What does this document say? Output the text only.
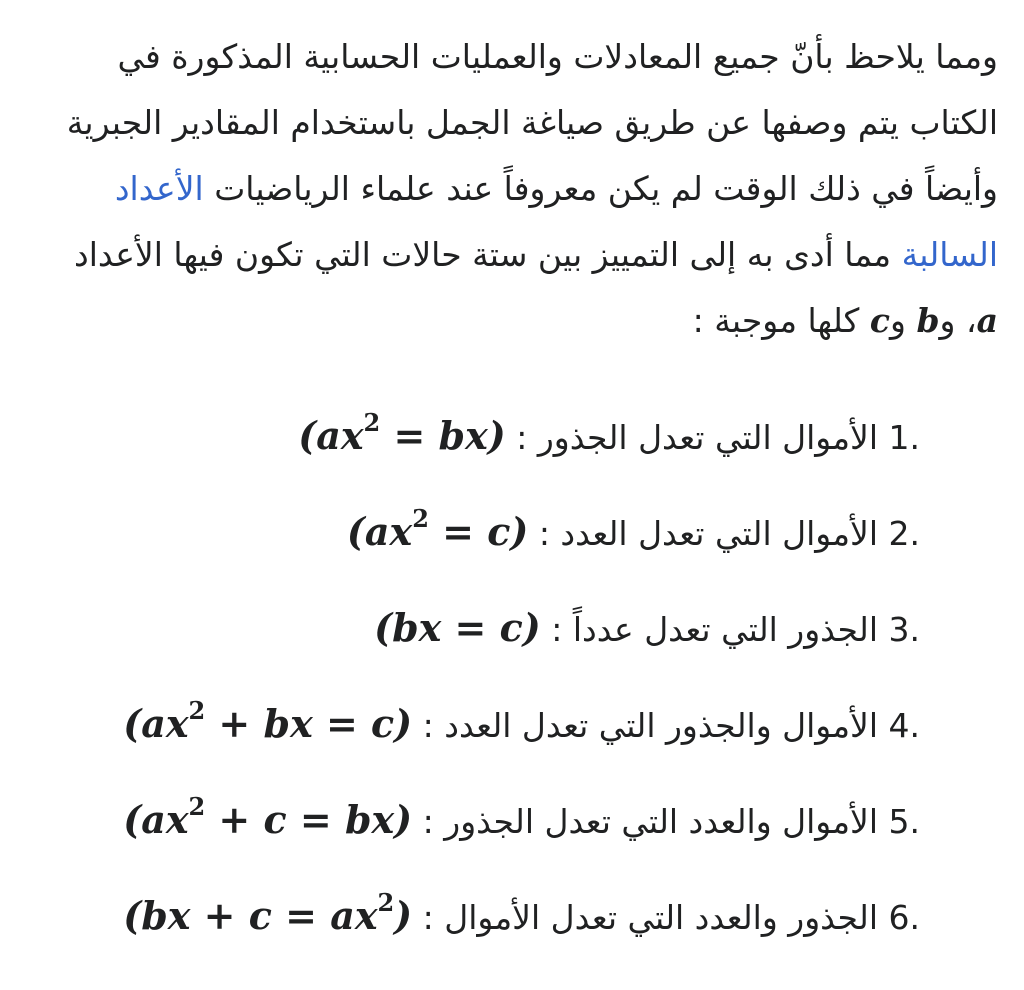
ومما يلاحظ بأنّ جميع المعادلات والعمليات الحسابية المذكورة في الكتاب يتم وصفها عن طريق صياغة الجمل باستخدام المقادير الجبرية وأيضاً في ذلك الوقت لم يكن معروفاً عند علماء الرياضيات الأعداد السالبة مما أدى به إلى التمييز بين ستة حالات التي تكون فيها الأعداد a، وb وc كلها موجبة :

1. الأموال التي تعدل الجذور : $(ax^2 = bx)$
2. الأموال التي تعدل العدد : $(ax^2 = c)$
3. الجذور التي تعدل عدداً : (bx = c)
4. الأموال والجذور التي تعدل العدد : ($ax^2$ + bx = c)
5. الأموال والعدد التي تعدل الجذور : $(ax^2 + c = bx)$
6. الجذور والعدد التي تعدل الأموال : $(bx + c = ax^2)$
